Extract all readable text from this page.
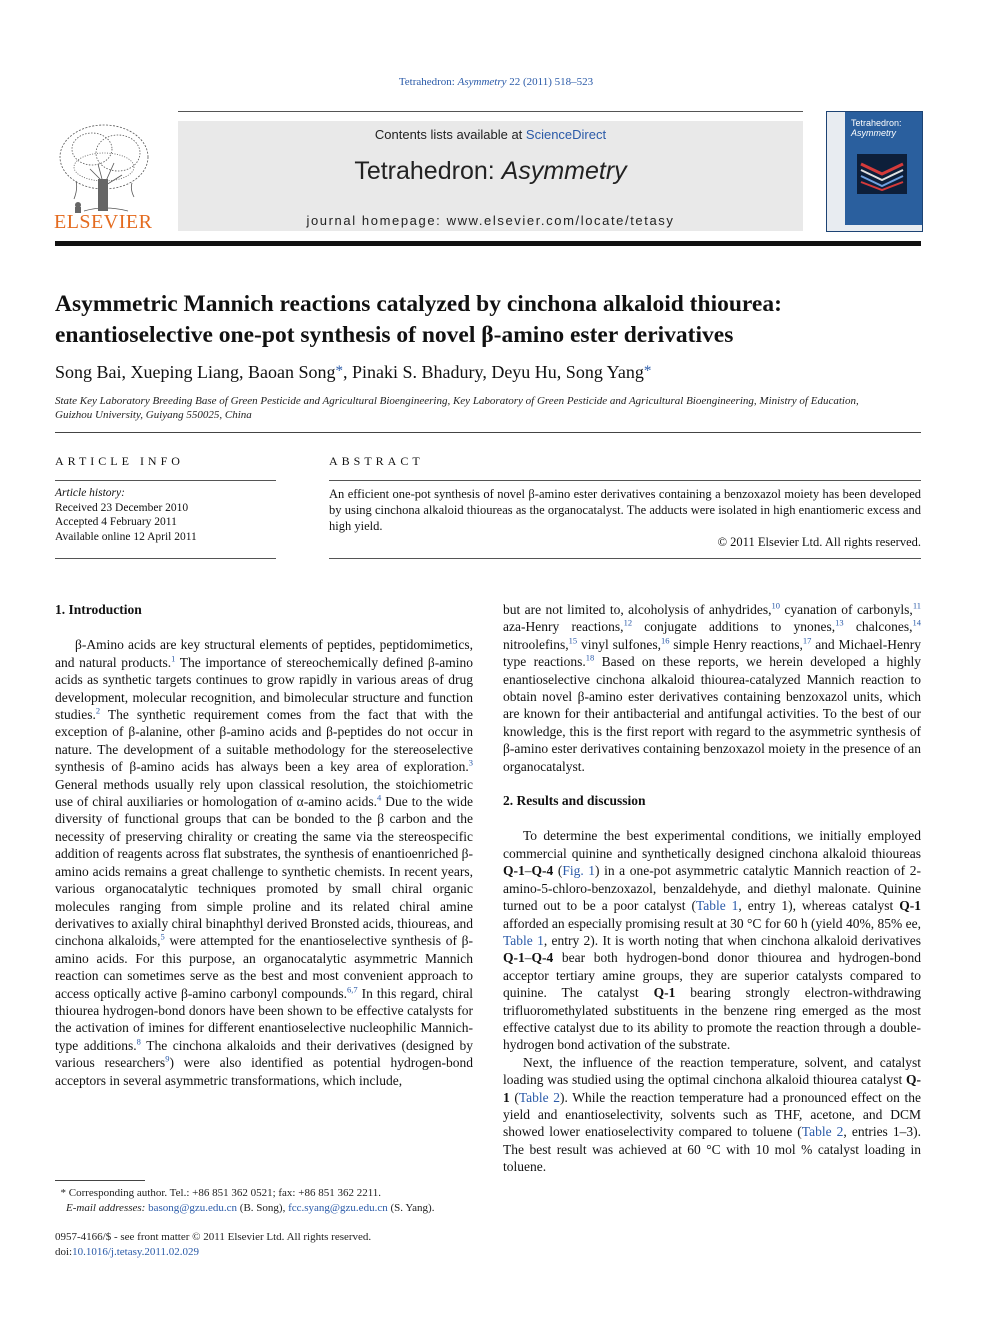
Tetrahedron: Asymmetry 22 (2011) 518–523
ELSEVIER
Contents lists available at ScienceDirect
Tetrahedron: Asymmetry
journal homepage: www.elsevier.com/locate/tetasy
Tetrahedron:
Asymmetry
Asymmetric Mannich reactions catalyzed by cinchona alkaloid thiourea: enantioselective one-pot synthesis of novel β-amino ester derivatives
Song Bai, Xueping Liang, Baoan Song*, Pinaki S. Bhadury, Deyu Hu, Song Yang*
State Key Laboratory Breeding Base of Green Pesticide and Agricultural Bioengineering, Key Laboratory of Green Pesticide and Agricultural Bioengineering, Ministry of Education, Guizhou University, Guiyang 550025, China
ARTICLE INFO	ABSTRACT
Article history:
Received 23 December 2010
Accepted 4 February 2011
Available online 12 April 2011
An efficient one-pot synthesis of novel β-amino ester derivatives containing a benzoxazol moiety has been developed by using cinchona alkaloid thioureas as the organocatalyst. The adducts were isolated in high enantiomeric excess and high yield.
© 2011 Elsevier Ltd. All rights reserved.
1. Introduction

β-Amino acids are key structural elements of peptides, peptidomimetics, and natural products.$^1$ The importance of stereochemically defined β-amino acids as synthetic targets continues to grow rapidly in various areas of drug development, molecular recognition, and bimolecular structure and function studies.$^2$ The synthetic requirement comes from the fact that with the exception of β-alanine, other β-amino acids and β-peptides do not occur in nature. The development of a suitable methodology for the stereoselective synthesis of β-amino acids has always been a key area of exploration.$^3$ General methods usually rely upon classical resolution, the stoichiometric use of chiral auxiliaries or homologation of α-amino acids.$^4$ Due to the wide diversity of functional groups that can be bonded to the β carbon and the necessity of preserving chirality or creating the same via the stereospecific addition of reagents across flat substrates, the synthesis of enantioenriched β-amino acids remains a great challenge to synthetic chemists. In recent years, various organocatalytic techniques promoted by small chiral organic molecules ranging from simple proline and its related chiral amine derivatives to axially chiral binaphthyl derived Bronsted acids, thioureas, and cinchona alkaloids,$^5$ were attempted for the enantioselective synthesis of β-amino acids. For this purpose, an organocatalytic asymmetric Mannich reaction can sometimes serve as the best and most convenient approach to access optically active β-amino carbonyl compounds.$^{6,7}$ In this regard, chiral thiourea hydrogen-bond donors have been shown to be effective catalysts for the activation of imines for different enantioselective nucleophilic Mannich-type additions.$^8$ The cinchona alkaloids and their derivatives (designed by various researchers$^9$) were also identified as potential hydrogen-bond acceptors in several asymmetric transformations, which include,

but are not limited to, alcoholysis of anhydrides,$^{10}$ cyanation of carbonyls,$^{11}$ aza-Henry reactions,$^{12}$ conjugate additions to ynones,$^{13}$ chalcones,$^{14}$ nitroolefins,$^{15}$ vinyl sulfones,$^{16}$ simple Henry reactions,$^{17}$ and Michael-Henry type reactions.$^{18}$ Based on these reports, we herein developed a highly enantioselective cinchona alkaloid thiourea-catalyzed Mannich reaction to obtain novel β-amino ester derivatives containing benzoxazol units, which are known for their antibacterial and antifungal activities. To the best of our knowledge, this is the first report with regard to the asymmetric synthesis of β-amino ester derivatives containing benzoxazol moiety in the presence of an organocatalyst.

2. Results and discussion

To determine the best experimental conditions, we initially employed commercial quinine and synthetically designed cinchona alkaloid thioureas Q-1–Q-4 (Fig. 1) in a one-pot asymmetric catalytic Mannich reaction of 2-amino-5-chloro-benzoxazol, benzaldehyde, and diethyl malonate. Quinine turned out to be a poor catalyst (Table 1, entry 1), whereas catalyst Q-1 afforded an especially promising result at 30 °C for 60 h (yield 40%, 85% ee, Table 1, entry 2). It is worth noting that when cinchona alkaloid derivatives Q-1–Q-4 bear both hydrogen-bond donor thiourea and hydrogen-bond acceptor tertiary amine groups, they are superior catalysts compared to quinine. The catalyst Q-1 bearing strongly electron-withdrawing trifluoromethylated substituents in the benzene ring emerged as the most effective catalyst due to its ability to promote the reaction through a double-hydrogen bond activation of the substrate.

Next, the influence of the reaction temperature, solvent, and catalyst loading was studied using the optimal cinchona alkaloid thiourea catalyst Q-1 (Table 2). While the reaction temperature had a pronounced effect on the yield and enantioselectivity, solvents such as THF, acetone, and DCM showed lower enatioselectivity compared to toluene (Table 2, entries 1–3). The best result was achieved at 60 °C with 10 mol % catalyst loading in toluene.

* Corresponding author. Tel.: +86 851 362 0521; fax: +86 851 362 2211.
E-mail addresses: basong@gzu.edu.cn (B. Song), fcc.syang@gzu.edu.cn (S. Yang).
0957-4166/$ - see front matter © 2011 Elsevier Ltd. All rights reserved.
doi:10.1016/j.tetasy.2011.02.029
